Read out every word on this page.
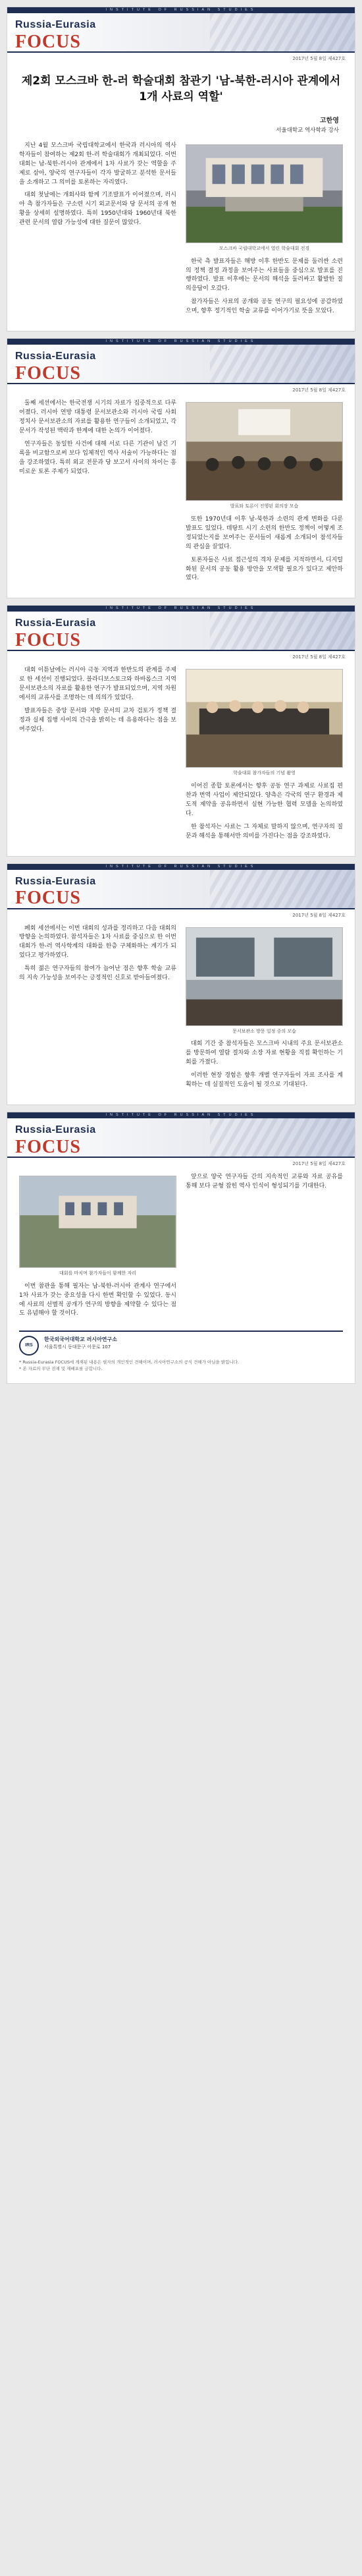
INSTITUTE OF RUSSIAN STUDIES
Russia-Eurasia
FOCUS
2017년 5월 8일 제427호
제2회 모스크바 한-러 학술대회 참관기 '남-북한-러시아 관계에서 1개 사료의 역할'
고한영
서울대학교 역사학과 강사

지난 4월 모스크바 국립대학교에서 한국과 러시아의 역사학자들이 참여하는 제2회 한-러 학술대회가 개최되었다. 이번 대회는 남-북한-러시아 관계에서 1차 사료가 갖는 역할을 주제로 삼아, 양국의 연구자들이 각자 발굴하고 분석한 문서들을 소개하고 그 의미를 토론하는 자리였다.

대회 첫날에는 개회사와 함께 기조발표가 이어졌으며, 러시아 측 참가자들은 구소련 시기 외교문서와 당 문서의 공개 현황을 상세히 설명하였다. 특히 1950년대와 1960년대 북한 관련 문서의 열람 가능성에 대한 질문이 많았다.

모스크바 국립대학교에서 열린 학술대회 전경

한국 측 발표자들은 해방 이후 한반도 문제를 둘러싼 소련의 정책 결정 과정을 보여주는 사료들을 중심으로 발표를 진행하였다. 발표 이후에는 문서의 해석을 둘러싸고 활발한 질의응답이 오갔다.

참가자들은 사료의 공개와 공동 연구의 필요성에 공감하였으며, 향후 정기적인 학술 교류를 이어가기로 뜻을 모았다.

INSTITUTE OF RUSSIAN STUDIES
Russia-Eurasia
FOCUS
2017년 5월 8일 제427호

둘째 세션에서는 한국전쟁 시기의 자료가 집중적으로 다루어졌다. 러시아 연방 대통령 문서보관소와 러시아 국립 사회정치사 문서보관소의 자료를 활용한 연구들이 소개되었고, 각 문서가 작성된 맥락과 한계에 대한 논의가 이어졌다.

연구자들은 동일한 사건에 대해 서로 다른 기관이 남긴 기록을 비교함으로써 보다 입체적인 역사 서술이 가능하다는 점을 강조하였다. 특히 외교 전문과 당 보고서 사이의 차이는 흥미로운 토론 주제가 되었다.

발표와 토론이 진행된 회의장 모습

또한 1970년대 이후 남-북한과 소련의 관계 변화를 다룬 발표도 있었다. 데탕트 시기 소련의 한반도 정책이 어떻게 조정되었는지를 보여주는 문서들이 새롭게 소개되어 참석자들의 관심을 끌었다.

토론자들은 사료 접근성의 격차 문제를 지적하면서, 디지털화된 문서의 공동 활용 방안을 모색할 필요가 있다고 제안하였다.

INSTITUTE OF RUSSIAN STUDIES
Russia-Eurasia
FOCUS
2017년 5월 8일 제427호

대회 이튿날에는 러시아 극동 지역과 한반도의 관계를 주제로 한 세션이 진행되었다. 블라디보스토크와 하바롭스크 지역 문서보관소의 자료를 활용한 연구가 발표되었으며, 지역 차원에서의 교류사를 조명하는 데 의의가 있었다.

발표자들은 중앙 문서와 지방 문서의 교차 검토가 정책 결정과 실제 집행 사이의 간극을 밝히는 데 유용하다는 점을 보여주었다.

학술대회 참가자들의 기념 촬영

이어진 종합 토론에서는 향후 공동 연구 과제로 사료집 편찬과 번역 사업이 제안되었다. 양측은 각국의 연구 환경과 제도적 제약을 공유하면서 실현 가능한 협력 모델을 논의하였다.

한 참석자는 사료는 그 자체로 말하지 않으며, 연구자의 질문과 해석을 통해서만 의미를 가진다는 점을 강조하였다.

INSTITUTE OF RUSSIAN STUDIES
Russia-Eurasia
FOCUS
2017년 5월 8일 제427호

폐회 세션에서는 이번 대회의 성과를 정리하고 다음 대회의 방향을 논의하였다. 참석자들은 1차 사료를 중심으로 한 이번 대회가 한-러 역사학계의 대화를 한층 구체화하는 계기가 되었다고 평가하였다.

특히 젊은 연구자들의 참여가 늘어난 점은 향후 학술 교류의 지속 가능성을 보여주는 긍정적인 신호로 받아들여졌다.

문서보관소 방문 일정 중의 모습

대회 기간 중 참석자들은 모스크바 시내의 주요 문서보관소를 방문하여 열람 절차와 소장 자료 현황을 직접 확인하는 기회를 가졌다.

이러한 현장 경험은 향후 개별 연구자들이 자료 조사를 계획하는 데 실질적인 도움이 될 것으로 기대된다.

INSTITUTE OF RUSSIAN STUDIES
Russia-Eurasia
FOCUS
2017년 5월 8일 제427호
대회를 마치며 참가자들이 함께한 자리

이번 참관을 통해 필자는 남-북한-러시아 관계사 연구에서 1차 사료가 갖는 중요성을 다시 한번 확인할 수 있었다. 동시에 사료의 선별적 공개가 연구의 방향을 제약할 수 있다는 점도 유념해야 할 것이다.

앞으로 양국 연구자들 간의 지속적인 교류와 자료 공유를 통해 보다 균형 잡힌 역사 인식이 형성되기를 기대한다.

IRS
한국외국어대학교 러시아연구소
서울특별시 동대문구 이문로 107
* Russia-Eurasia FOCUS에 게재된 내용은 필자의 개인적인 견해이며, 러시아연구소의 공식 견해가 아님을 밝힙니다.
* 본 자료의 무단 전재 및 재배포를 금합니다.
